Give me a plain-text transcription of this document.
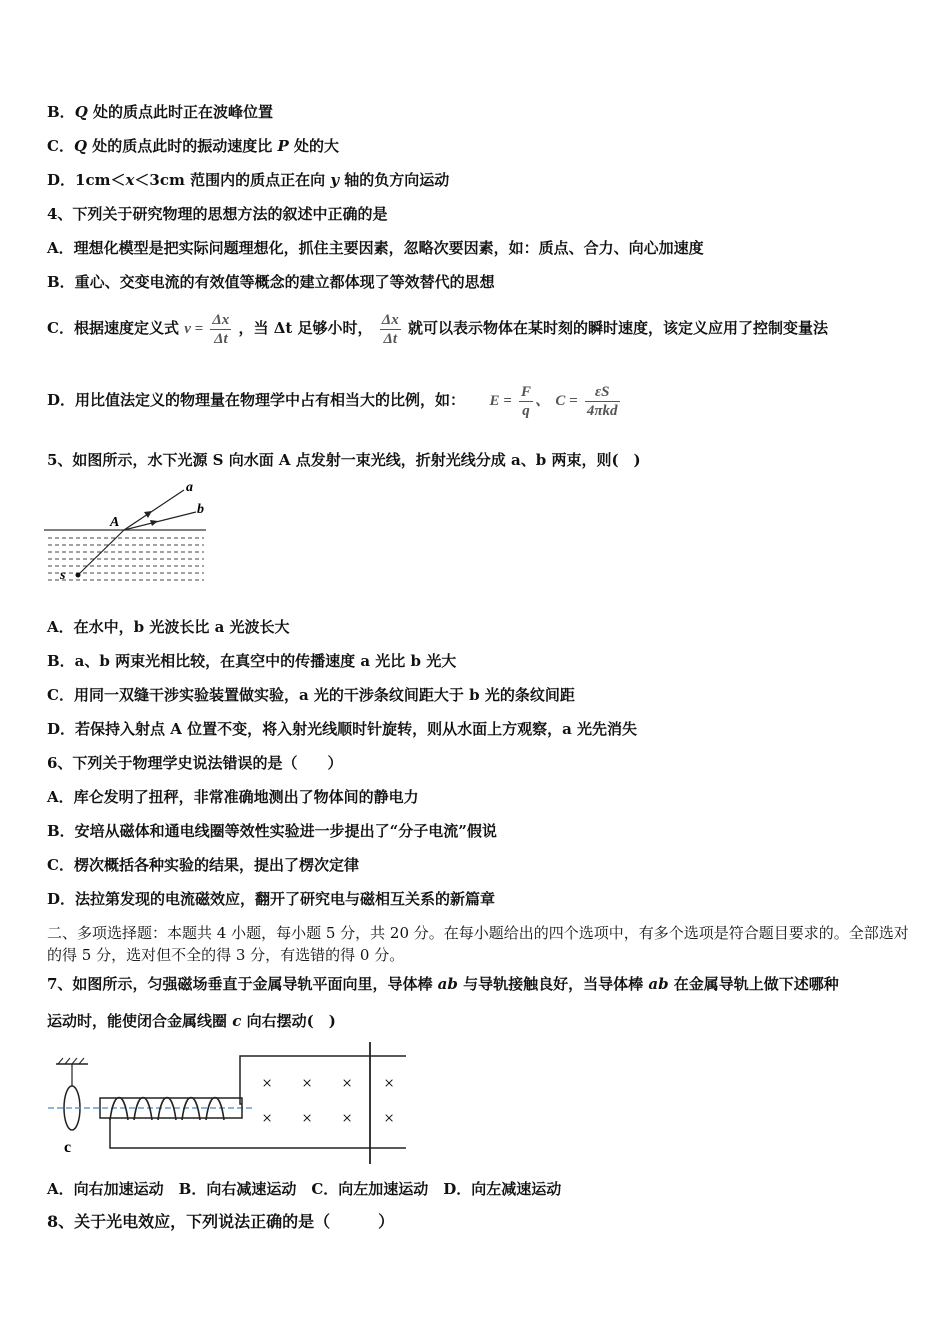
B．Q 处的质点此时正在波峰位置
C．Q 处的质点此时的振动速度比 P 处的大
D．1cm＜x＜3cm 范围内的质点正在向 y 轴的负方向运动
4、下列关于研究物理的思想方法的叙述中正确的是
A．理想化模型是把实际问题理想化，抓住主要因素，忽略次要因素，如：质点、合力、向心加速度
B．重心、交变电流的有效值等概念的建立都体现了等效替代的思想
C．根据速度定义式 $v = \frac{\Delta x}{\Delta t}$ ，当 Δt 足够小时， $\frac{\Delta x}{\Delta t}$ 就可以表示物体在某时刻的瞬时速度，该定义应用了控制变量法
D．用比值法定义的物理量在物理学中占有相当大的比例，如： $E = \frac{F}{q}$ 、 $C = \frac{\varepsilon S}{\text{4πkd}}$
5、如图所示，水下光源 S 向水面 A 点发射一束光线，折射光线分成 a、b 两束，则(　)
a
b
A
s
A．在水中，b 光波长比 a 光波长大
B．a、b 两束光相比较，在真空中的传播速度 a 光比 b 光大
C．用同一双缝干涉实验装置做实验，a 光的干涉条纹间距大于 b 光的条纹间距
D．若保持入射点 A 位置不变，将入射光线顺时针旋转，则从水面上方观察，a 光先消失
6、下列关于物理学史说法错误的是（　　）
A．库仑发明了扭秤，非常准确地测出了物体间的静电力
B．安培从磁体和通电线圈等效性实验进一步提出了“分子电流”假说
C．楞次概括各种实验的结果，提出了楞次定律
D．法拉第发现的电流磁效应，翻开了研究电与磁相互关系的新篇章
二、多项选择题：本题共 4 小题，每小题 5 分，共 20 分。在每小题给出的四个选项中，有多个选项是符合题目要求的。全部选对的得 5 分，选对但不全的得 3 分，有选错的得 0 分。
7、如图所示，匀强磁场垂直于金属导轨平面向里，导体棒 ab 与导轨接触良好，当导体棒 ab 在金属导轨上做下述哪种
运动时，能使闭合金属线圈 c 向右摆动(　)
c
× × × ×
× × × ×
A．向右加速运动　B．向右减速运动　C．向左加速运动　D．向左减速运动
8、关于光电效应，下列说法正确的是（　　　）
